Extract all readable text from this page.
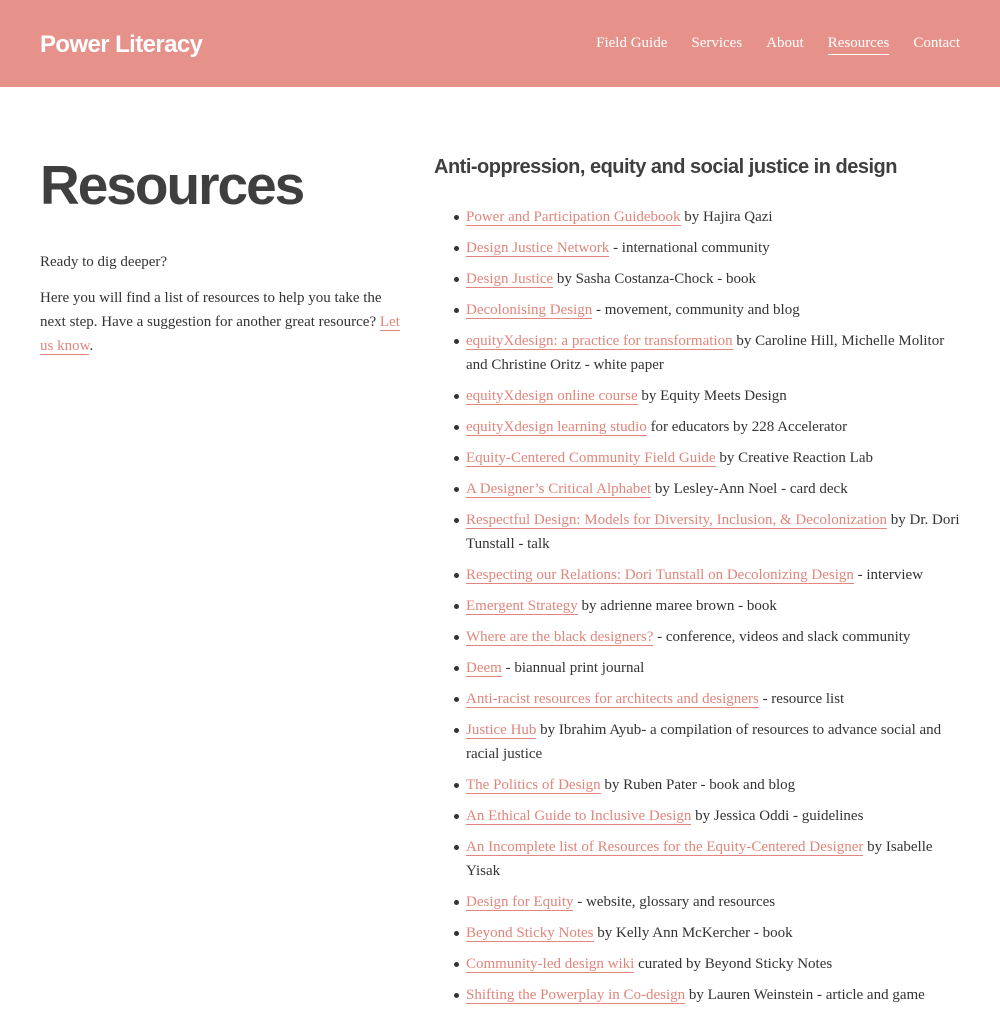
Power Literacy	Field Guide Services About Resources Contact
Resources

Ready to dig deeper?

Here you will find a list of resources to help you take the next step. Have a suggestion for another great resource? Let us know.

Anti-oppression, equity and social justice in design
Power and Participation Guidebook by Hajira Qazi
Design Justice Network - international community
Design Justice by Sasha Costanza-Chock - book
Decolonising Design - movement, community and blog
equityXdesign: a practice for transformation by Caroline Hill, Michelle Molitor and Christine Oritz - white paper
equityXdesign online course by Equity Meets Design
equityXdesign learning studio for educators by 228 Accelerator
Equity-Centered Community Field Guide by Creative Reaction Lab
A Designer’s Critical Alphabet by Lesley-Ann Noel - card deck
Respectful Design: Models for Diversity, Inclusion, & Decolonization by Dr. Dori Tunstall - talk
Respecting our Relations: Dori Tunstall on Decolonizing Design - interview
Emergent Strategy by adrienne maree brown - book
Where are the black designers? - conference, videos and slack community
Deem - biannual print journal
Anti-racist resources for architects and designers - resource list
Justice Hub by Ibrahim Ayub- a compilation of resources to advance social and racial justice
The Politics of Design by Ruben Pater - book and blog
An Ethical Guide to Inclusive Design by Jessica Oddi - guidelines
An Incomplete list of Resources for the Equity-Centered Designer by Isabelle Yisak
Design for Equity - website, glossary and resources
Beyond Sticky Notes by Kelly Ann McKercher - book
Community-led design wiki curated by Beyond Sticky Notes
Shifting the Powerplay in Co-design by Lauren Weinstein - article and game
